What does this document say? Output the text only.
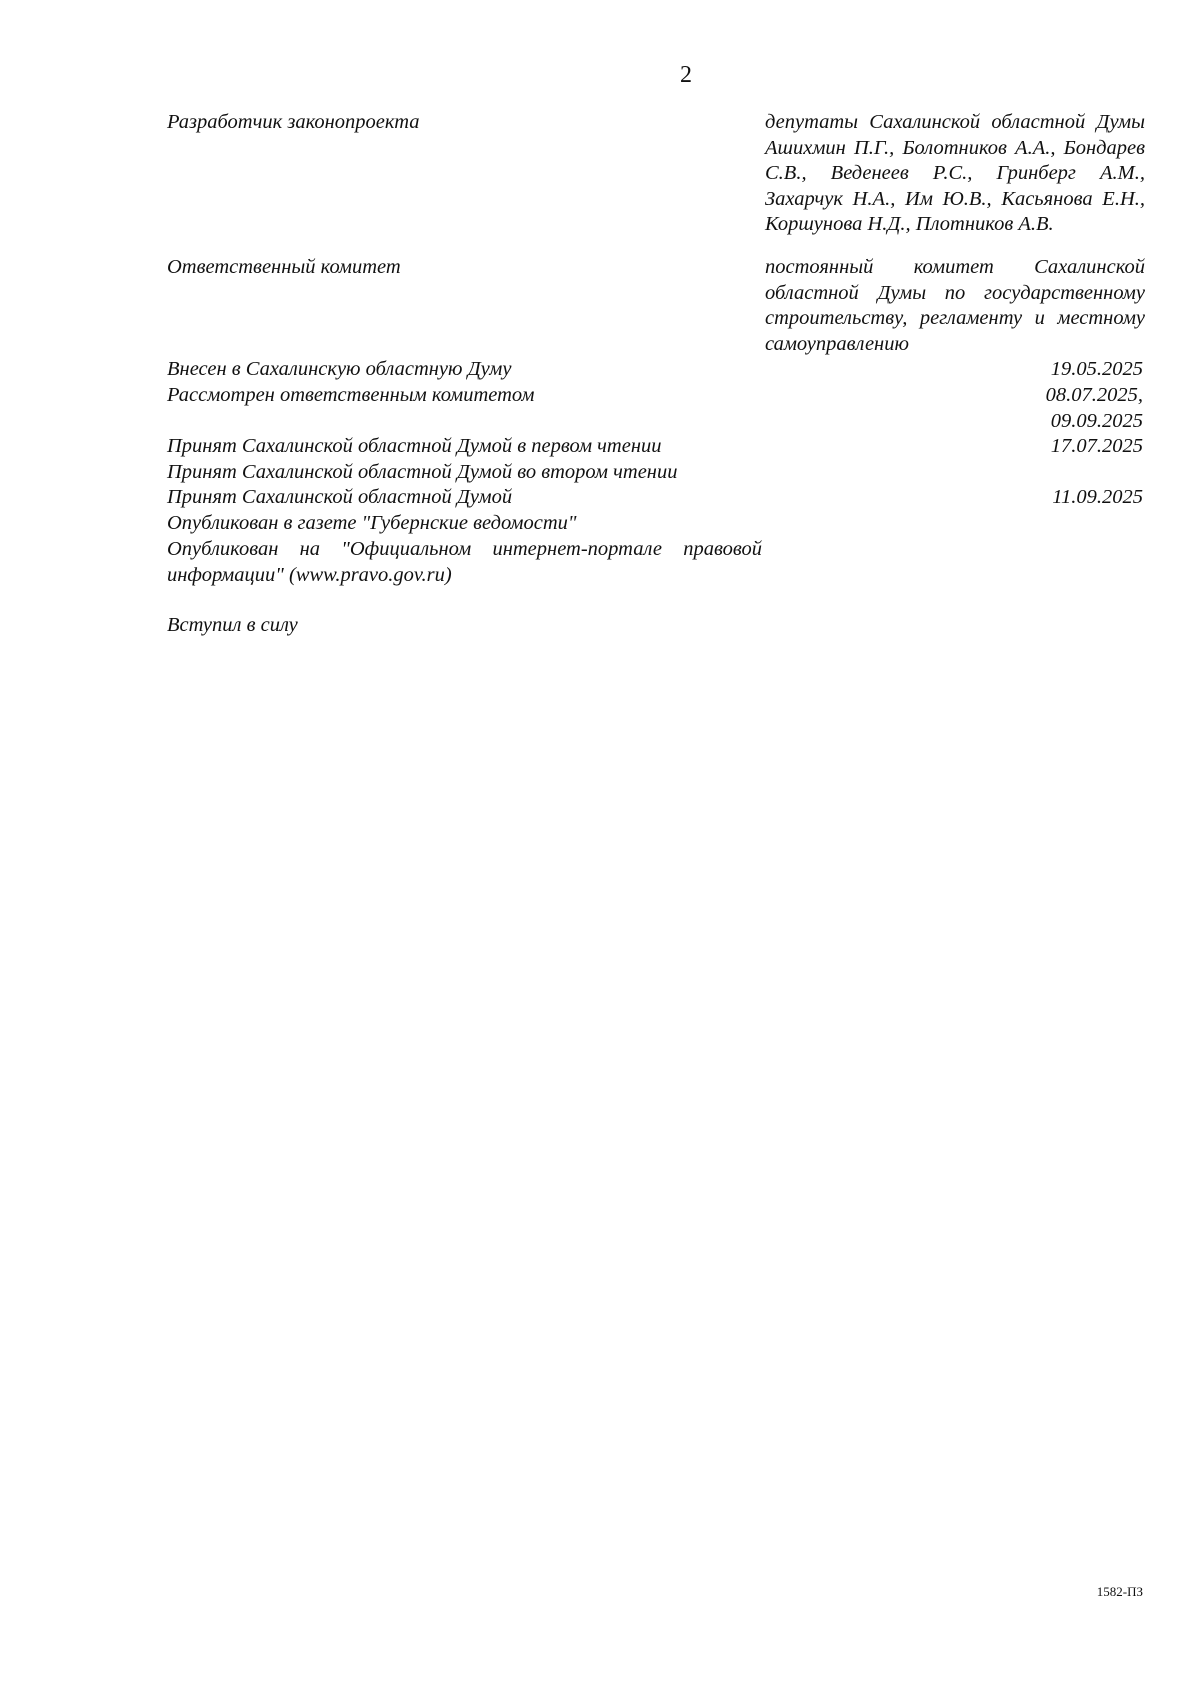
2
Разработчик законопроекта	депутаты Сахалинской областной Думы Ашихмин П.Г., Болотников А.А., Бондарев С.В., Веденеев Р.С., Гринберг А.М., Захарчук Н.А., Им Ю.В., Касьянова Е.Н., Коршунова Н.Д., Плотников А.В.
Ответственный комитет	постоянный комитет Сахалинской областной Думы по государственному строительству, регламенту и местному самоуправлению
Внесен в Сахалинскую областную Думу	19.05.2025
Рассмотрен ответственным комитетом	08.07.2025,
09.09.2025
Принят Сахалинской областной Думой в первом чтении	17.07.2025
Принят Сахалинской областной Думой во втором чтении
Принят Сахалинской областной Думой	11.09.2025
Опубликован в газете "Губернские ведомости"
Опубликован на "Официальном интернет-портале правовой информации" (www.pravo.gov.ru)
Вступил в силу
1582-ПЗ
